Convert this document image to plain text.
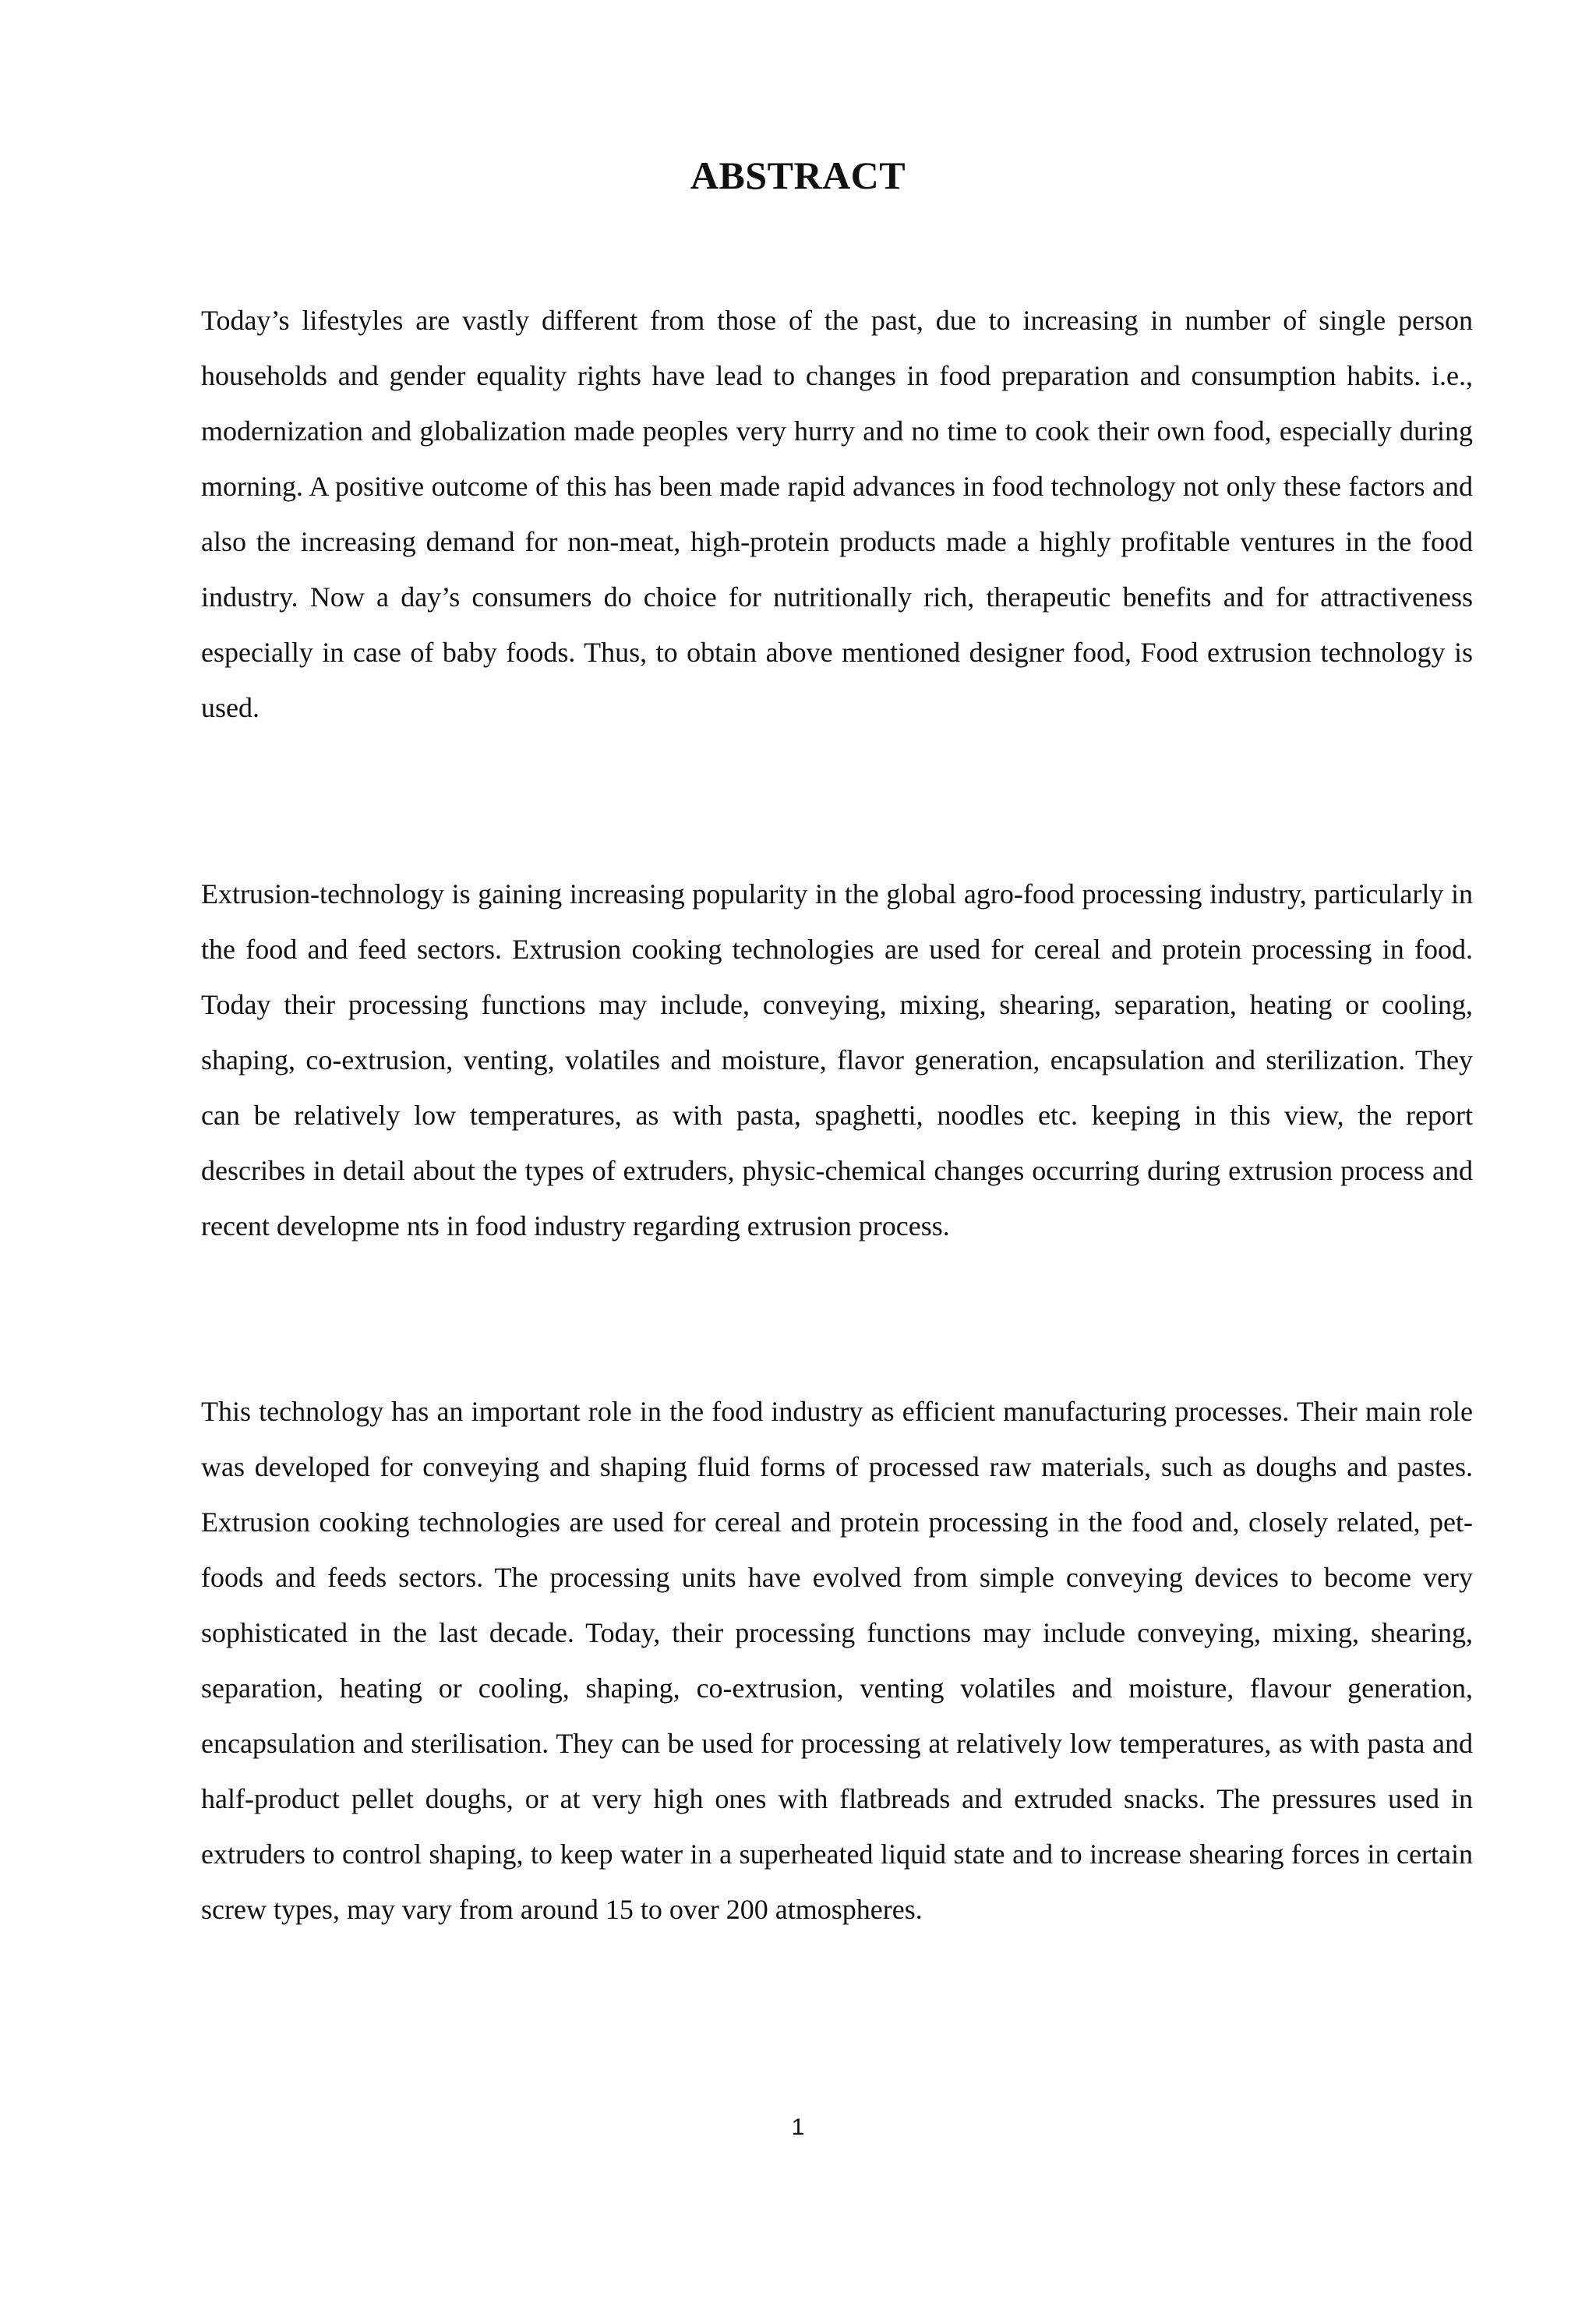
ABSTRACT

Today’s lifestyles are vastly different from those of the past, due to increasing in number of single person households and gender equality rights have lead to changes in food preparation and consumption habits. i.e., modernization and globalization made peoples very hurry and no time to cook their own food, especially during morning. A positive outcome of this has been made rapid advances in food technology not only these factors and also the increasing demand for non-meat, high-protein products made a highly profitable ventures in the food industry. Now a day’s consumers do choice for nutritionally rich, therapeutic benefits and for attractiveness especially in case of baby foods. Thus, to obtain above mentioned designer food, Food extrusion technology is used.

Extrusion-technology is gaining increasing popularity in the global agro-food processing industry, particularly in the food and feed sectors. Extrusion cooking technologies are used for cereal and protein processing in food. Today their processing functions may include, conveying, mixing, shearing, separation, heating or cooling, shaping, co-extrusion, venting, volatiles and moisture, flavor generation, encapsulation and sterilization. They can be relatively low temperatures, as with pasta, spaghetti, noodles etc. keeping in this view, the report describes in detail about the types of extruders, physic-chemical changes occurring during extrusion process and recent developme nts in food industry regarding extrusion process.

This technology has an important role in the food industry as efficient manufacturing processes. Their main role was developed for conveying and shaping fluid forms of processed raw materials, such as doughs and pastes. Extrusion cooking technologies are used for cereal and protein processing in the food and, closely related, pet-foods and feeds sectors. The processing units have evolved from simple conveying devices to become very sophisticated in the last decade. Today, their processing functions may include conveying, mixing, shearing, separation, heating or cooling, shaping, co-extrusion, venting volatiles and moisture, flavour generation, encapsulation and sterilisation. They can be used for processing at relatively low temperatures, as with pasta and half-product pellet doughs, or at very high ones with flatbreads and extruded snacks. The pressures used in extruders to control shaping, to keep water in a superheated liquid state and to increase shearing forces in certain screw types, may vary from around 15 to over 200 atmospheres.

1
